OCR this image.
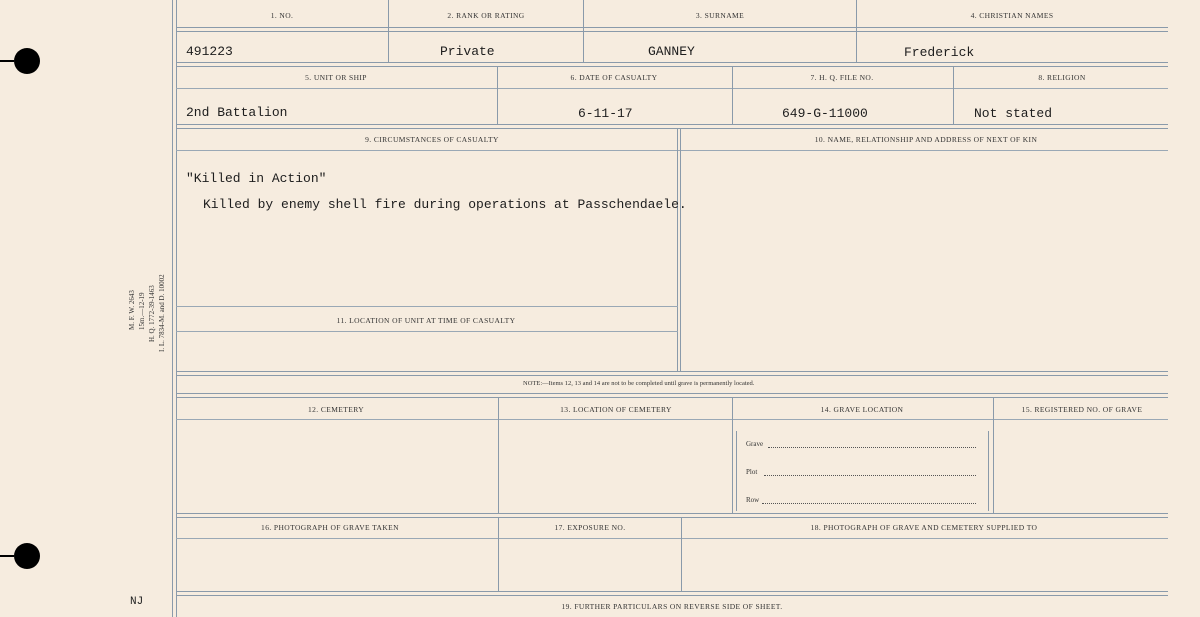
M. F. W. 2643 15m.—12-19 H. Q. 1772-39-1463 I. L. 7834-M. and D. 10002
NJ
1. NO.	2. RANK OR RATING	3. SURNAME	4. CHRISTIAN NAMES
491223	Private	GANNEY	Frederick
5. UNIT OR SHIP	6. DATE OF CASUALTY	7. H. Q. FILE NO.	8. RELIGION
2nd Battalion	6-11-17	649-G-11000	Not stated
9. CIRCUMSTANCES OF CASUALTY	10. NAME, RELATIONSHIP AND ADDRESS OF NEXT OF KIN
"Killed in Action"
Killed by enemy shell fire during operations at Passchendaele.
11. LOCATION OF UNIT AT TIME OF CASUALTY
NOTE:—Items 12, 13 and 14 are not to be completed until grave is permanently located.
12. CEMETERY	13. LOCATION OF CEMETERY	14. GRAVE LOCATION	15. REGISTERED NO. OF GRAVE
Grave
Plot
Row
16. PHOTOGRAPH OF GRAVE TAKEN	17. EXPOSURE NO.	18. PHOTOGRAPH OF GRAVE AND CEMETERY SUPPLIED TO
19. FURTHER PARTICULARS ON REVERSE SIDE OF SHEET.
